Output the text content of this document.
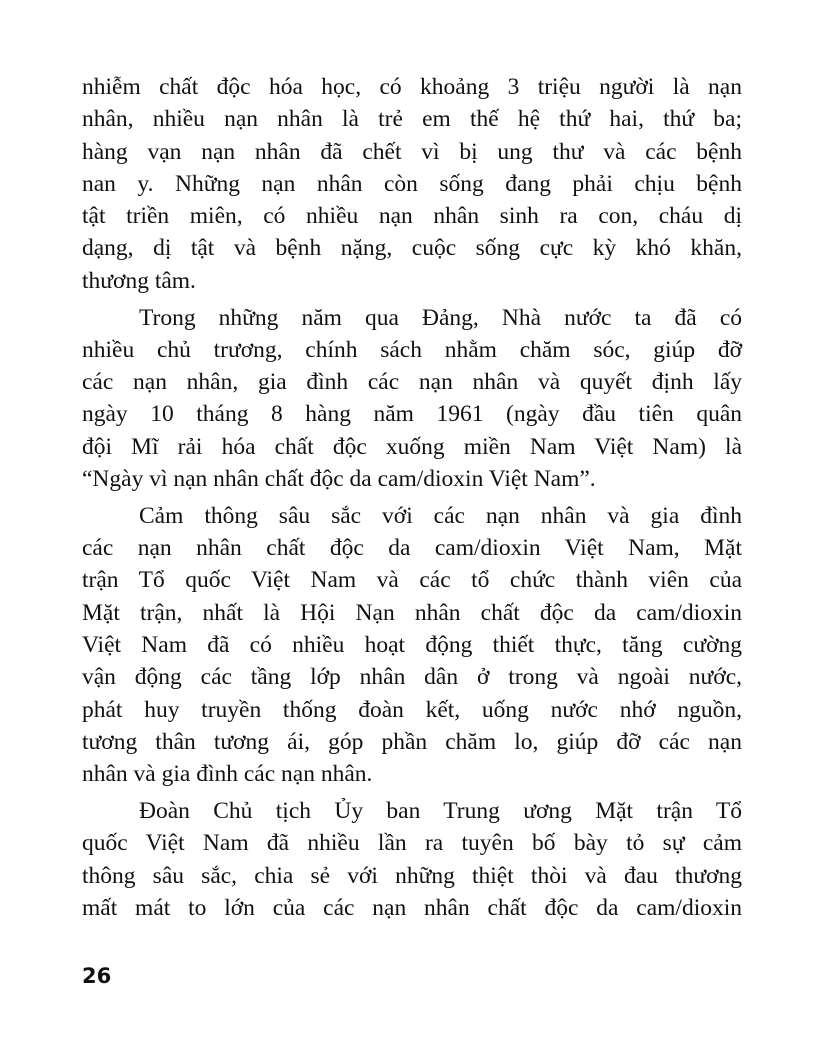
nhiễm chất độc hóa học, có khoảng 3 triệu người là nạn
nhân, nhiều nạn nhân là trẻ em thế hệ thứ hai, thứ ba;
hàng vạn nạn nhân đã chết vì bị ung thư và các bệnh
nan y. Những nạn nhân còn sống đang phải chịu bệnh
tật triền miên, có nhiều nạn nhân sinh ra con, cháu dị
dạng, dị tật và bệnh nặng, cuộc sống cực kỳ khó khăn,
thương tâm.
Trong những năm qua Đảng, Nhà nước ta đã có
nhiều chủ trương, chính sách nhằm chăm sóc, giúp đỡ
các nạn nhân, gia đình các nạn nhân và quyết định lấy
ngày 10 tháng 8 hàng năm 1961 (ngày đầu tiên quân
đội Mĩ rải hóa chất độc xuống miền Nam Việt Nam) là
“Ngày vì nạn nhân chất độc da cam/dioxin Việt Nam”.
Cảm thông sâu sắc với các nạn nhân và gia đình
các nạn nhân chất độc da cam/dioxin Việt Nam, Mặt
trận Tổ quốc Việt Nam và các tổ chức thành viên của
Mặt trận, nhất là Hội Nạn nhân chất độc da cam/dioxin
Việt Nam đã có nhiều hoạt động thiết thực, tăng cường
vận động các tầng lớp nhân dân ở trong và ngoài nước,
phát huy truyền thống đoàn kết, uống nước nhớ nguồn,
tương thân tương ái, góp phần chăm lo, giúp đỡ các nạn
nhân và gia đình các nạn nhân.
Đoàn Chủ tịch Ủy ban Trung ương Mặt trận Tổ
quốc Việt Nam đã nhiều lần ra tuyên bố bày tỏ sự cảm
thông sâu sắc, chia sẻ với những thiệt thòi và đau thương
mất mát to lớn của các nạn nhân chất độc da cam/dioxin
26
